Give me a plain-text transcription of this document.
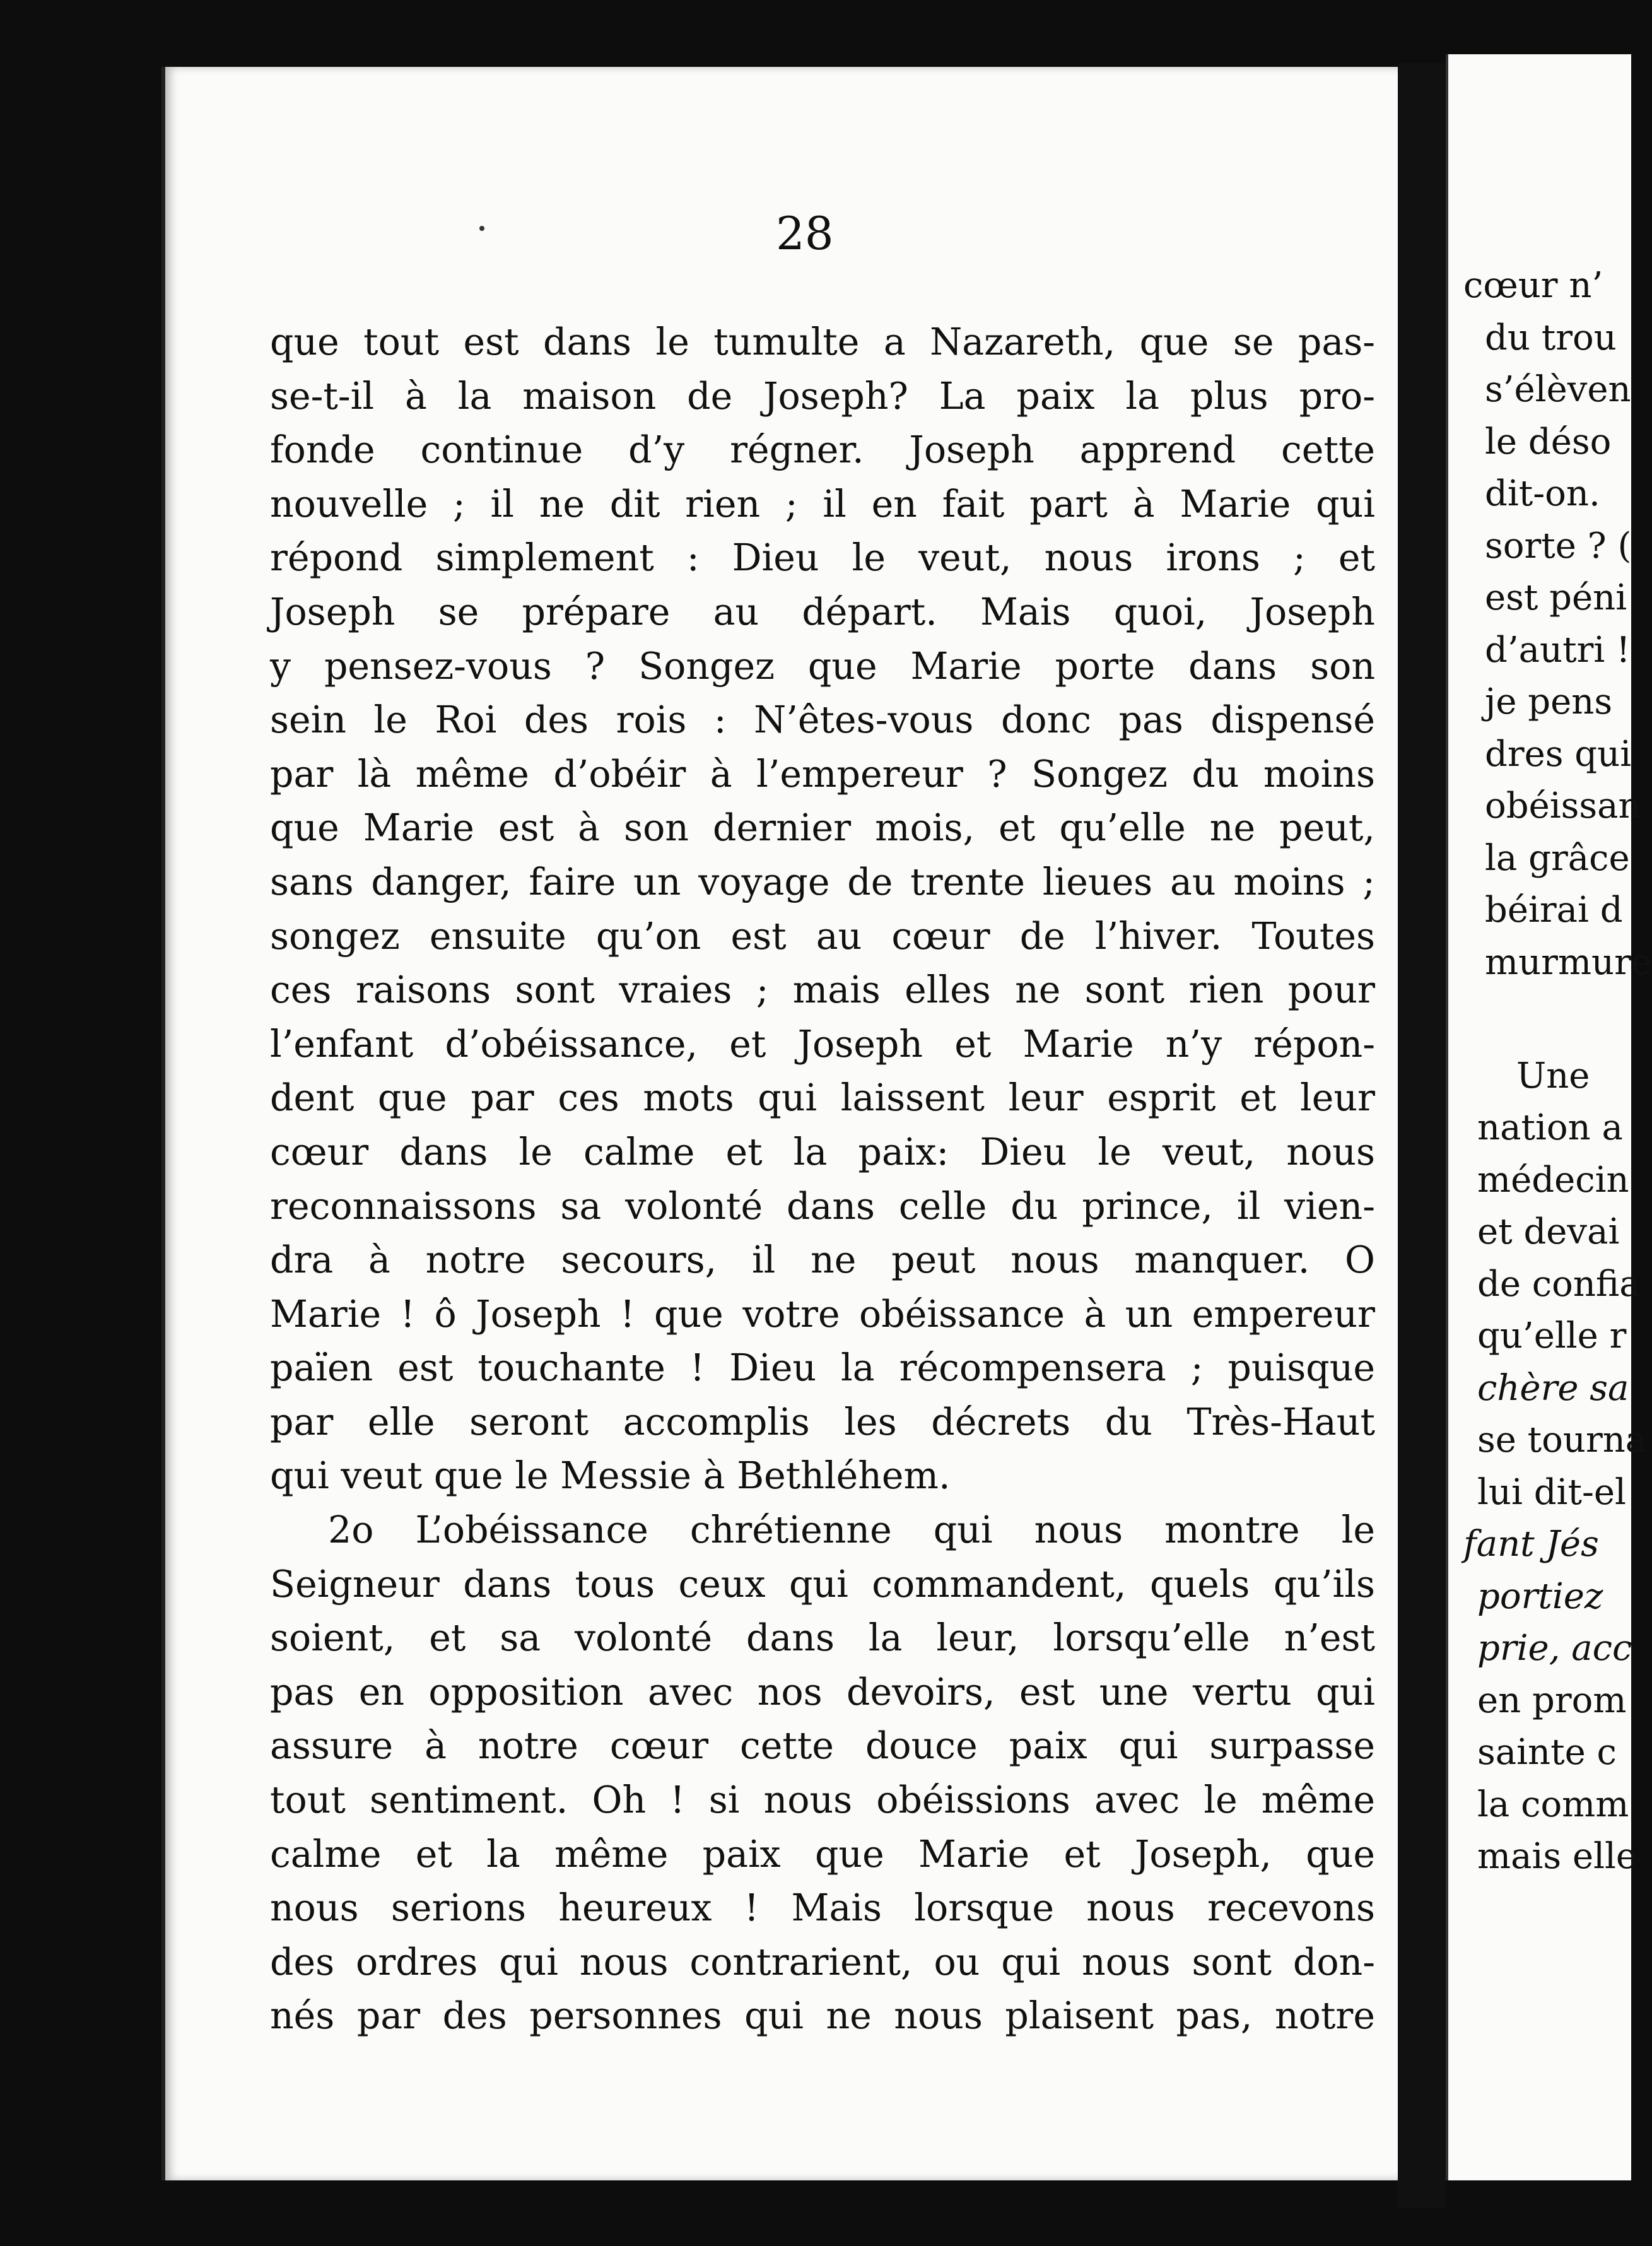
28
que tout est dans le tumulte a Nazareth, que se pas-
se-t-il à la maison de Joseph? La paix la plus pro-
fonde continue d’y régner. Joseph apprend cette
nouvelle ; il ne dit rien ; il en fait part à Marie qui
répond simplement : Dieu le veut, nous irons ; et
Joseph se prépare au départ. Mais quoi, Joseph
y pensez-vous ? Songez que Marie porte dans son
sein le Roi des rois : N’êtes-vous donc pas dispensé
par là même d’obéir à l’empereur ? Songez du moins
que Marie est à son dernier mois, et qu’elle ne peut,
sans danger, faire un voyage de trente lieues au moins ;
songez ensuite qu’on est au cœur de l’hiver. Toutes
ces raisons sont vraies ; mais elles ne sont rien pour
l’enfant d’obéissance, et Joseph et Marie n’y répon-
dent que par ces mots qui laissent leur esprit et leur
cœur dans le calme et la paix: Dieu le veut, nous
reconnaissons sa volonté dans celle du prince, il vien-
dra à notre secours, il ne peut nous manquer. O
Marie ! ô Joseph ! que votre obéissance à un empereur
païen est touchante ! Dieu la récompensera ; puisque
par elle seront accomplis les décrets du Très-Haut
qui veut que le Messie à Bethléhem.
2o L’obéissance chrétienne qui nous montre le
Seigneur dans tous ceux qui commandent, quels qu’ils
soient, et sa volonté dans la leur, lorsqu’elle n’est
pas en opposition avec nos devoirs, est une vertu qui
assure à notre cœur cette douce paix qui surpasse
tout sentiment. Oh ! si nous obéissions avec le même
calme et la même paix que Marie et Joseph, que
nous serions heureux ! Mais lorsque nous recevons
des ordres qui nous contrarient, ou qui nous sont don-
nés par des personnes qui ne nous plaisent pas, notre
cœur n’
du trou
s’élèven
le déso
dit-on.
sorte ? (
est péni
d’autri !
je pens
dres qui
obéissan
la grâce
béirai d
murmure
Une
nation a
médecin
et devai
de confia
qu’elle r
chère sa
se tourna
lui dit-el
fant Jés
portiez
prie, acc
en prom
sainte c
la comm
mais elle
